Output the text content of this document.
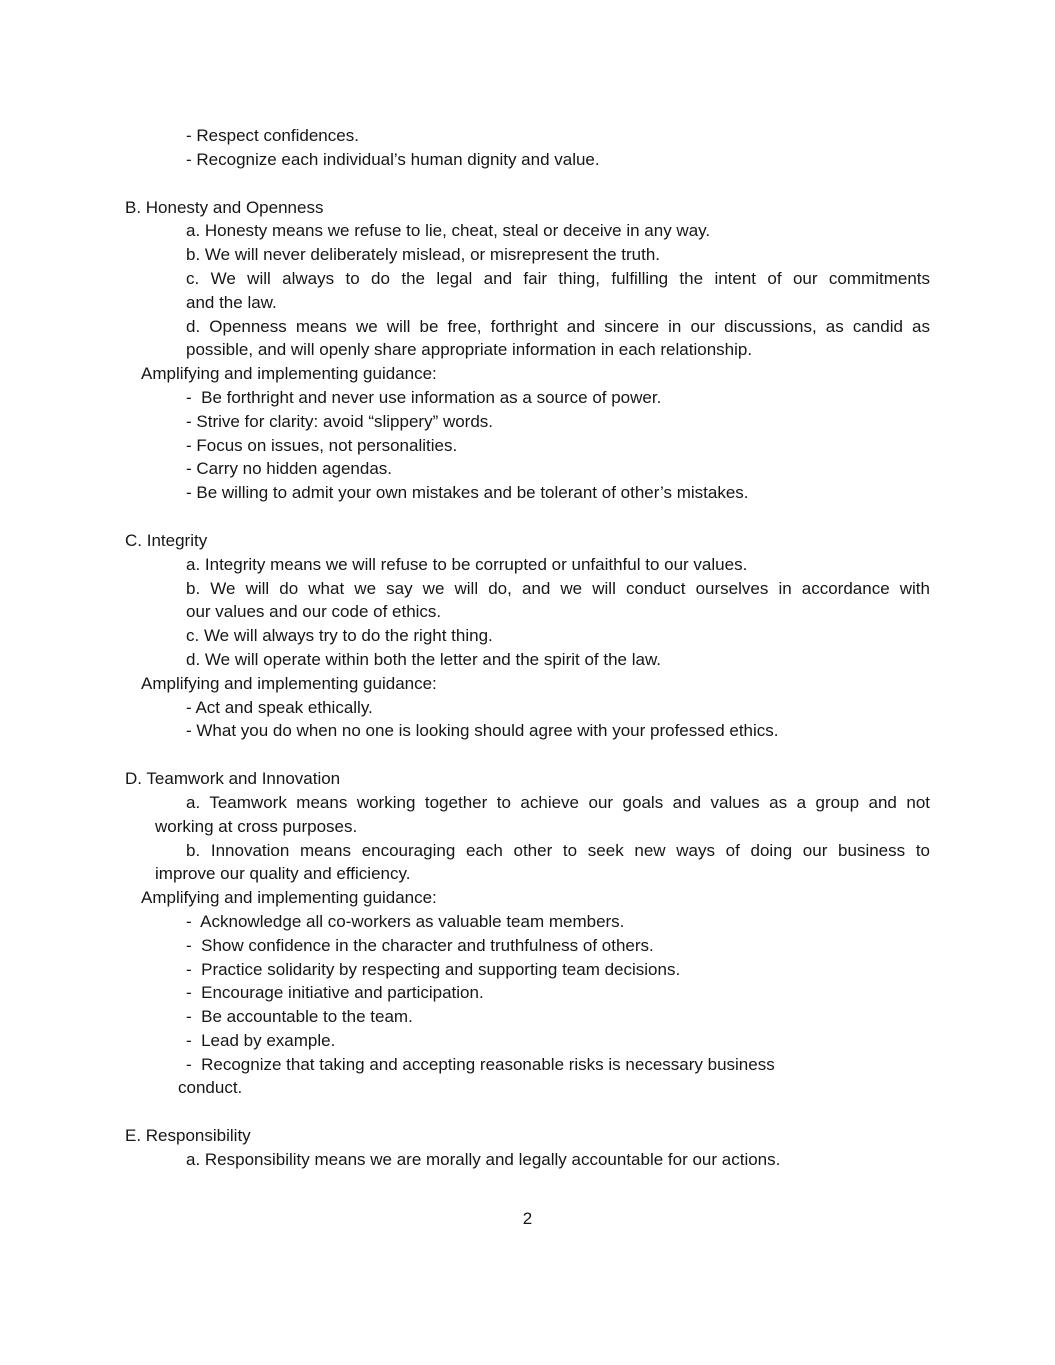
- Respect confidences.
- Recognize each individual’s human dignity and value.
B. Honesty and Openness
a. Honesty means we refuse to lie, cheat, steal or deceive in any way.
b. We will never deliberately mislead, or misrepresent the truth.
c. We will always to do the legal and fair thing, fulfilling the intent of our commitments
and the law.
d. Openness means we will be free, forthright and sincere in our discussions, as candid as
possible, and will openly share appropriate information in each relationship.
Amplifying and implementing guidance:
-  Be forthright and never use information as a source of power.
- Strive for clarity: avoid “slippery” words.
- Focus on issues, not personalities.
- Carry no hidden agendas.
- Be willing to admit your own mistakes and be tolerant of other’s mistakes.
C. Integrity
a. Integrity means we will refuse to be corrupted or unfaithful to our values.
b. We will do what we say we will do, and we will conduct ourselves in accordance with
our values and our code of ethics.
c. We will always try to do the right thing.
d. We will operate within both the letter and the spirit of the law.
Amplifying and implementing guidance:
- Act and speak ethically.
- What you do when no one is looking should agree with your professed ethics.
D. Teamwork and Innovation
a. Teamwork means working together to achieve our goals and values as a group and not
working at cross purposes.
b. Innovation means encouraging each other to seek new ways of doing our business to
improve our quality and efficiency.
Amplifying and implementing guidance:
-  Acknowledge all co-workers as valuable team members.
-  Show confidence in the character and truthfulness of others.
-  Practice solidarity by respecting and supporting team decisions.
-  Encourage initiative and participation.
-  Be accountable to the team.
-  Lead by example.
-  Recognize that taking and accepting reasonable risks is necessary business
conduct.
E. Responsibility
a. Responsibility means we are morally and legally accountable for our actions.
2
